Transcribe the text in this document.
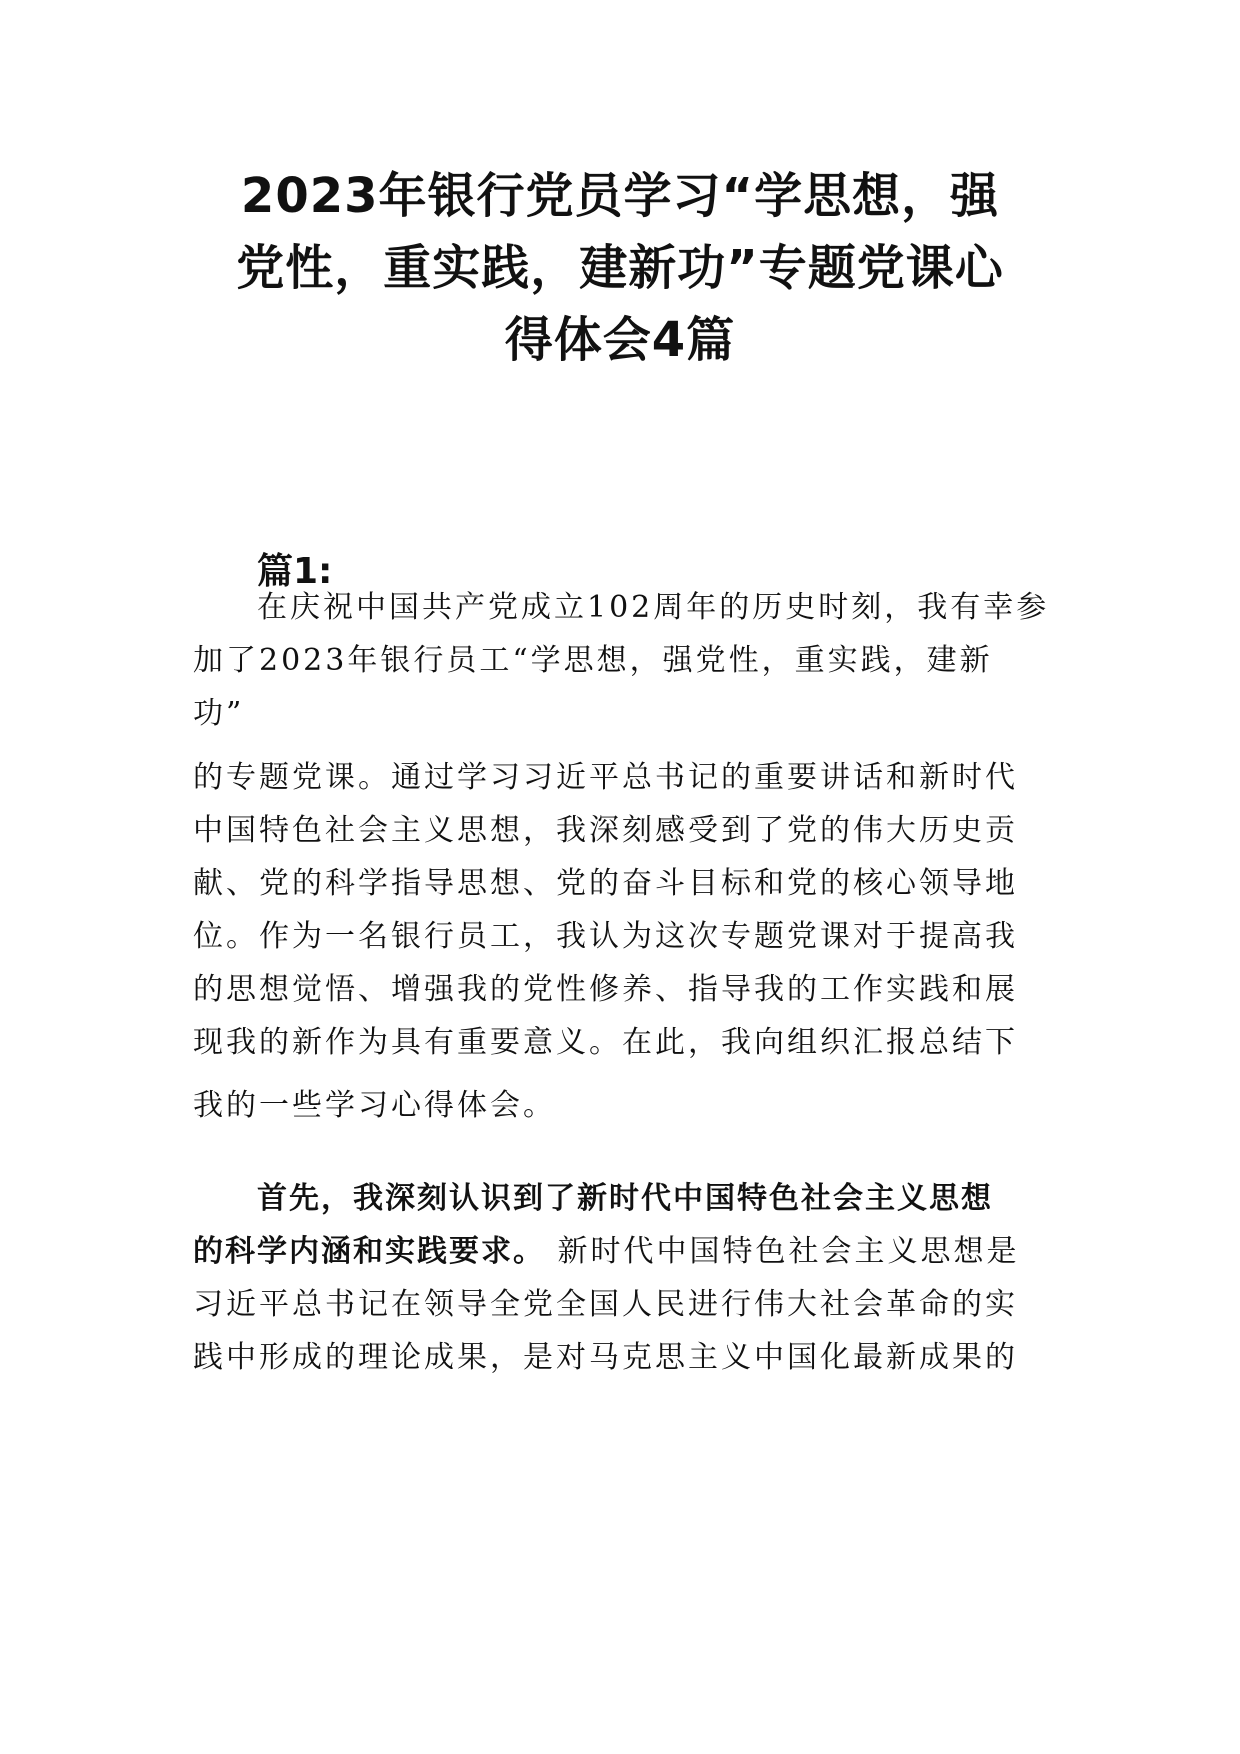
2023年银行党员学习“学思想，强
党性，重实践，建新功”专题党课心
得体会4篇
篇1:
在庆祝中国共产党成立102周年的历史时刻，我有幸参
加了2023年银行员工“学思想，强党性，重实践，建新
功”
的专题党课。通过学习习近平总书记的重要讲话和新时代
中国特色社会主义思想，我深刻感受到了党的伟大历史贡
献、党的科学指导思想、党的奋斗目标和党的核心领导地
位。作为一名银行员工，我认为这次专题党课对于提高我
的思想觉悟、增强我的党性修养、指导我的工作实践和展
现我的新作为具有重要意义。在此，我向组织汇报总结下
我的一些学习心得体会。
首先，我深刻认识到了新时代中国特色社会主义思想
的科学内涵和实践要求。 新时代中国特色社会主义思想是
习近平总书记在领导全党全国人民进行伟大社会革命的实
践中形成的理论成果，是对马克思主义中国化最新成果的
